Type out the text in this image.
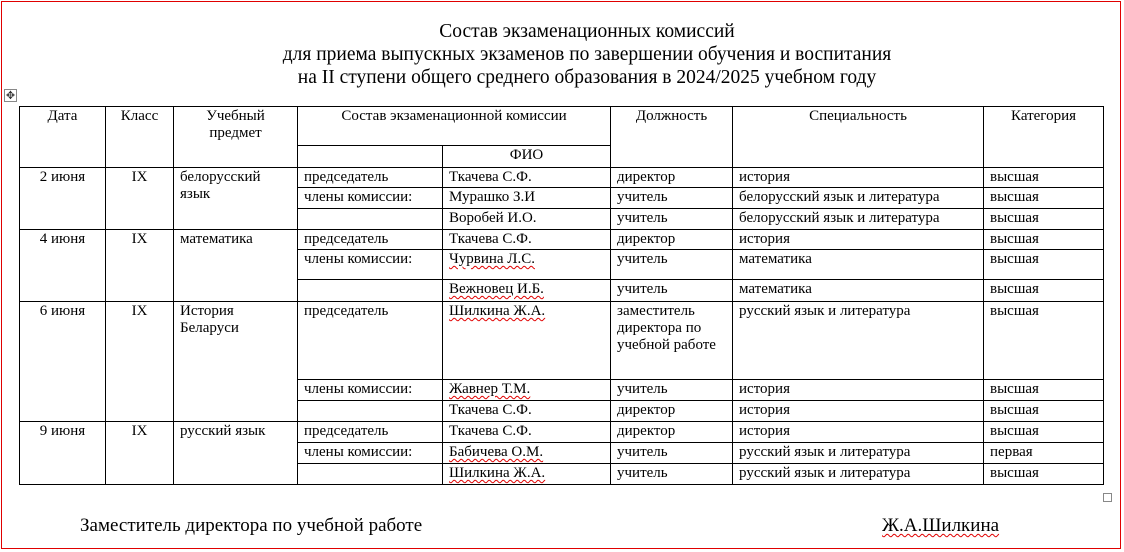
Состав экзаменационных комиссий
для приема выпускных экзаменов по завершении обучения и воспитания
на II ступени общего среднего образования в 2024/2025 учебном году
✥
Дата	Класс	Учебный предмет	Состав экзаменационной комиссии		Должность	Специальность	Категория
				ФИО			
2 июня	IX	белорусский язык	председатель	Ткачева С.Ф.	директор	история	высшая
			члены комиссии:	Мурашко З.И	учитель	белорусский язык и литература	высшая
				Воробей И.О.	учитель	белорусский язык и литература	высшая
4 июня	IX	математика	председатель	Ткачева С.Ф.	директор	история	высшая
			члены комиссии:	Чурвина Л.С.	учитель	математика	высшая
				Вежновец И.Б.	учитель	математика	высшая
6 июня	IX	История Беларуси	председатель	Шилкина Ж.А.	заместитель директора по учебной работе	русский язык и литература	высшая
			члены комиссии:	Жавнер Т.М.	учитель	история	высшая
				Ткачева С.Ф.	директор	история	высшая
9 июня	IX	русский язык	председатель	Ткачева С.Ф.	директор	история	высшая
			члены комиссии:	Бабичева О.М.	учитель	русский язык и литература	первая
				Шилкина Ж.А.	учитель	русский язык и литература	высшая
Заместитель директора по учебной работе	Ж.А.Шилкина
